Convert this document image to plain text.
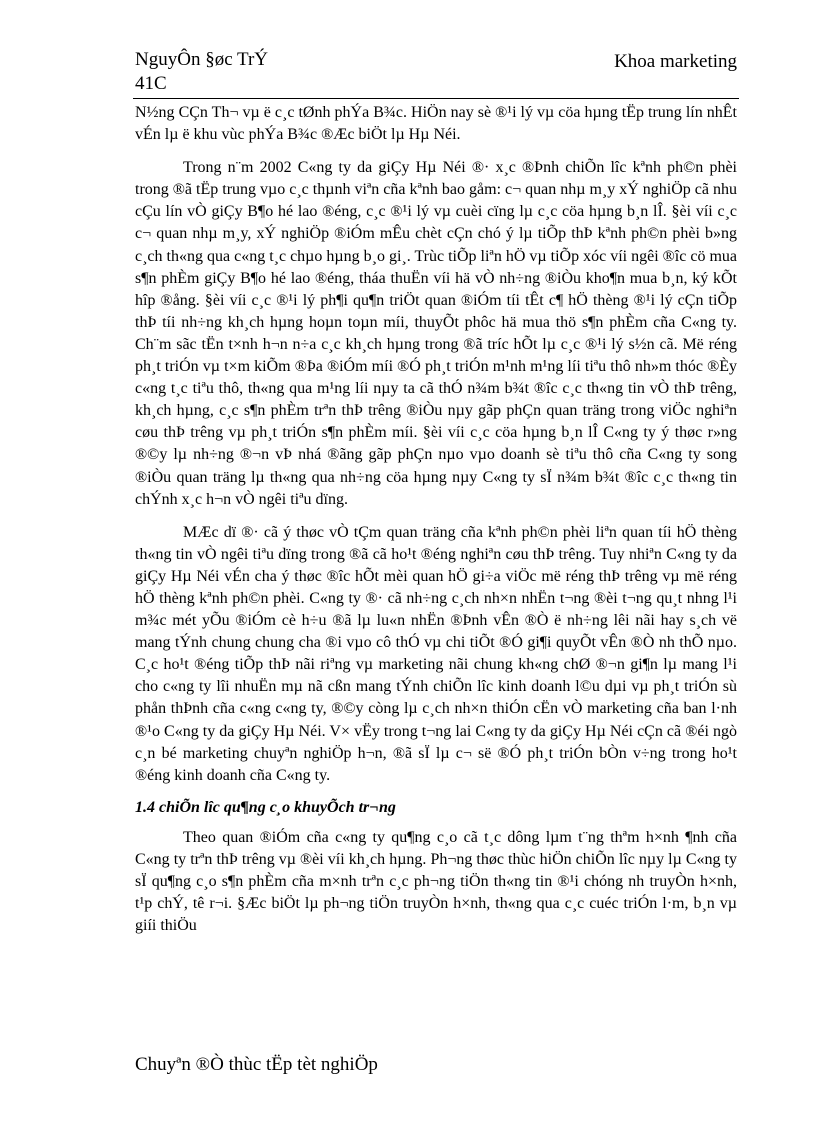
NguyÔn §øc TrÝ
41C
Khoa marketing

N½ng CÇn Th¬ vµ ë c¸c tØnh phÝa B¾c. HiÖn nay sè ®¹i lý vµ cöa hµng tËp trung lín nhÊt vÉn lµ ë khu vùc phÝa B¾c ®Æc biÖt lµ Hµ Néi.

Trong n¨m 2002 C«ng ty da giÇy Hµ Néi ®· x¸c ®Þnh chiÕn lîc kªnh ph©n phèi trong ®ã tËp trung vµo c¸c thµnh viªn cña kªnh bao gåm: c¬ quan nhµ m¸y xÝ nghiÖp cã nhu cÇu lín vÒ giÇy B¶o hé lao ®éng, c¸c ®¹i lý vµ cuèi cïng lµ c¸c cöa hµng b¸n lÎ. §èi víi c¸c c¬ quan nhµ m¸y, xÝ nghiÖp ®iÓm mÊu chèt cÇn chó ý lµ tiÕp thÞ kªnh ph©n phèi b»ng c¸ch th«ng qua c«ng t¸c chµo hµng b¸o gi¸. Trùc tiÕp liªn hÖ vµ tiÕp xóc víi ngêi ®îc cö mua s¶n phÈm giÇy B¶o hé lao ®éng, tháa thuËn víi hä vÒ nh÷ng ®iÒu kho¶n mua b¸n, ký kÕt hîp ®ång. §èi víi c¸c ®¹i lý ph¶i qu¶n triÖt quan ®iÓm tíi tÊt c¶ hÖ thèng ®¹i lý cÇn tiÕp thÞ tíi nh÷ng kh¸ch hµng hoµn toµn míi, thuyÕt phôc hä mua thö s¶n phÈm cña C«ng ty. Ch¨m sãc tËn t×nh h¬n n÷a c¸c kh¸ch hµng trong ®ã tríc hÕt lµ c¸c ®¹i lý s½n cã. Më réng ph¸t triÓn vµ t×m kiÕm ®Þa ®iÓm míi ®Ó ph¸t triÓn m¹nh m¹ng líi tiªu thô nh»m thóc ®Èy c«ng t¸c tiªu thô, th«ng qua m¹ng líi nµy ta cã thÓ n¾m b¾t ®îc c¸c th«ng tin vÒ thÞ trêng, kh¸ch hµng, c¸c s¶n phÈm trªn thÞ trêng ®iÒu nµy gãp phÇn quan träng trong viÖc nghiªn cøu thÞ trêng vµ ph¸t triÓn s¶n phÈm míi. §èi víi c¸c cöa hµng b¸n lÎ C«ng ty ý thøc r»ng ®©y lµ nh÷ng ®¬n vÞ nhá ®ãng gãp phÇn nµo vµo doanh sè tiªu thô cña C«ng ty song ®iÒu quan träng lµ th«ng qua nh÷ng cöa hµng nµy C«ng ty sÏ n¾m b¾t ®îc c¸c th«ng tin chÝnh x¸c h¬n vÒ ngêi tiªu dïng.

MÆc dï ®· cã ý thøc vÒ tÇm quan träng cña kªnh ph©n phèi liªn quan tíi hÖ thèng th«ng tin vÒ ngêi tiªu dïng trong ®ã cã ho¹t ®éng nghiªn cøu thÞ trêng. Tuy nhiªn C«ng ty da giÇy Hµ Néi vÉn cha ý thøc ®îc hÕt mèi quan hÖ gi÷a viÖc më réng thÞ trêng vµ më réng hÖ thèng kªnh ph©n phèi. C«ng ty ®· cã nh÷ng c¸ch nh×n nhËn t¬ng ®èi t¬ng qu¸t nhng l¹i m¾c mét yÕu ®iÓm cè h÷u ®ã lµ lu«n nhËn ®Þnh vÊn ®Ò ë nh÷ng lêi nãi hay s¸ch vë mang tÝnh chung chung cha ®i vµo cô thÓ vµ chi tiÕt ®Ó gi¶i quyÕt vÊn ®Ò nh thÕ nµo. C¸c ho¹t ®éng tiÕp thÞ nãi riªng vµ marketing nãi chung kh«ng chØ ®¬n gi¶n lµ mang l¹i cho c«ng ty lîi nhuËn mµ nã cßn mang tÝnh chiÕn lîc kinh doanh l©u dµi vµ ph¸t triÓn sù phån thÞnh cña c«ng c«ng ty, ®©y còng lµ c¸ch nh×n thiÓn cËn vÒ marketing cña ban l·nh ®¹o C«ng ty da giÇy Hµ Néi. V× vËy trong t¬ng lai C«ng ty da giÇy Hµ Néi cÇn cã ®éi ngò c¸n bé marketing chuyªn nghiÖp h¬n, ®ã sÏ lµ c¬ së ®Ó ph¸t triÓn bÒn v÷ng trong ho¹t ®éng kinh doanh cña C«ng ty.

1.4 chiÕn lîc qu¶ng c¸o khuyÕch tr¬ng

Theo quan ®iÓm cña c«ng ty qu¶ng c¸o cã t¸c dông lµm t¨ng thªm h×nh ¶nh cña C«ng ty trªn thÞ trêng vµ ®èi víi kh¸ch hµng. Ph¬ng thøc thùc hiÖn chiÕn lîc nµy lµ C«ng ty sÏ qu¶ng c¸o s¶n phÈm cña m×nh trªn c¸c ph¬ng tiÖn th«ng tin ®¹i chóng nh truyÒn h×nh, t¹p chÝ, tê r¬i. §Æc biÖt lµ ph¬ng tiÖn truyÒn h×nh, th«ng qua c¸c cuéc triÓn l·m, b¸n vµ giíi thiÖu

Chuyªn ®Ò thùc tËp tèt nghiÖp
